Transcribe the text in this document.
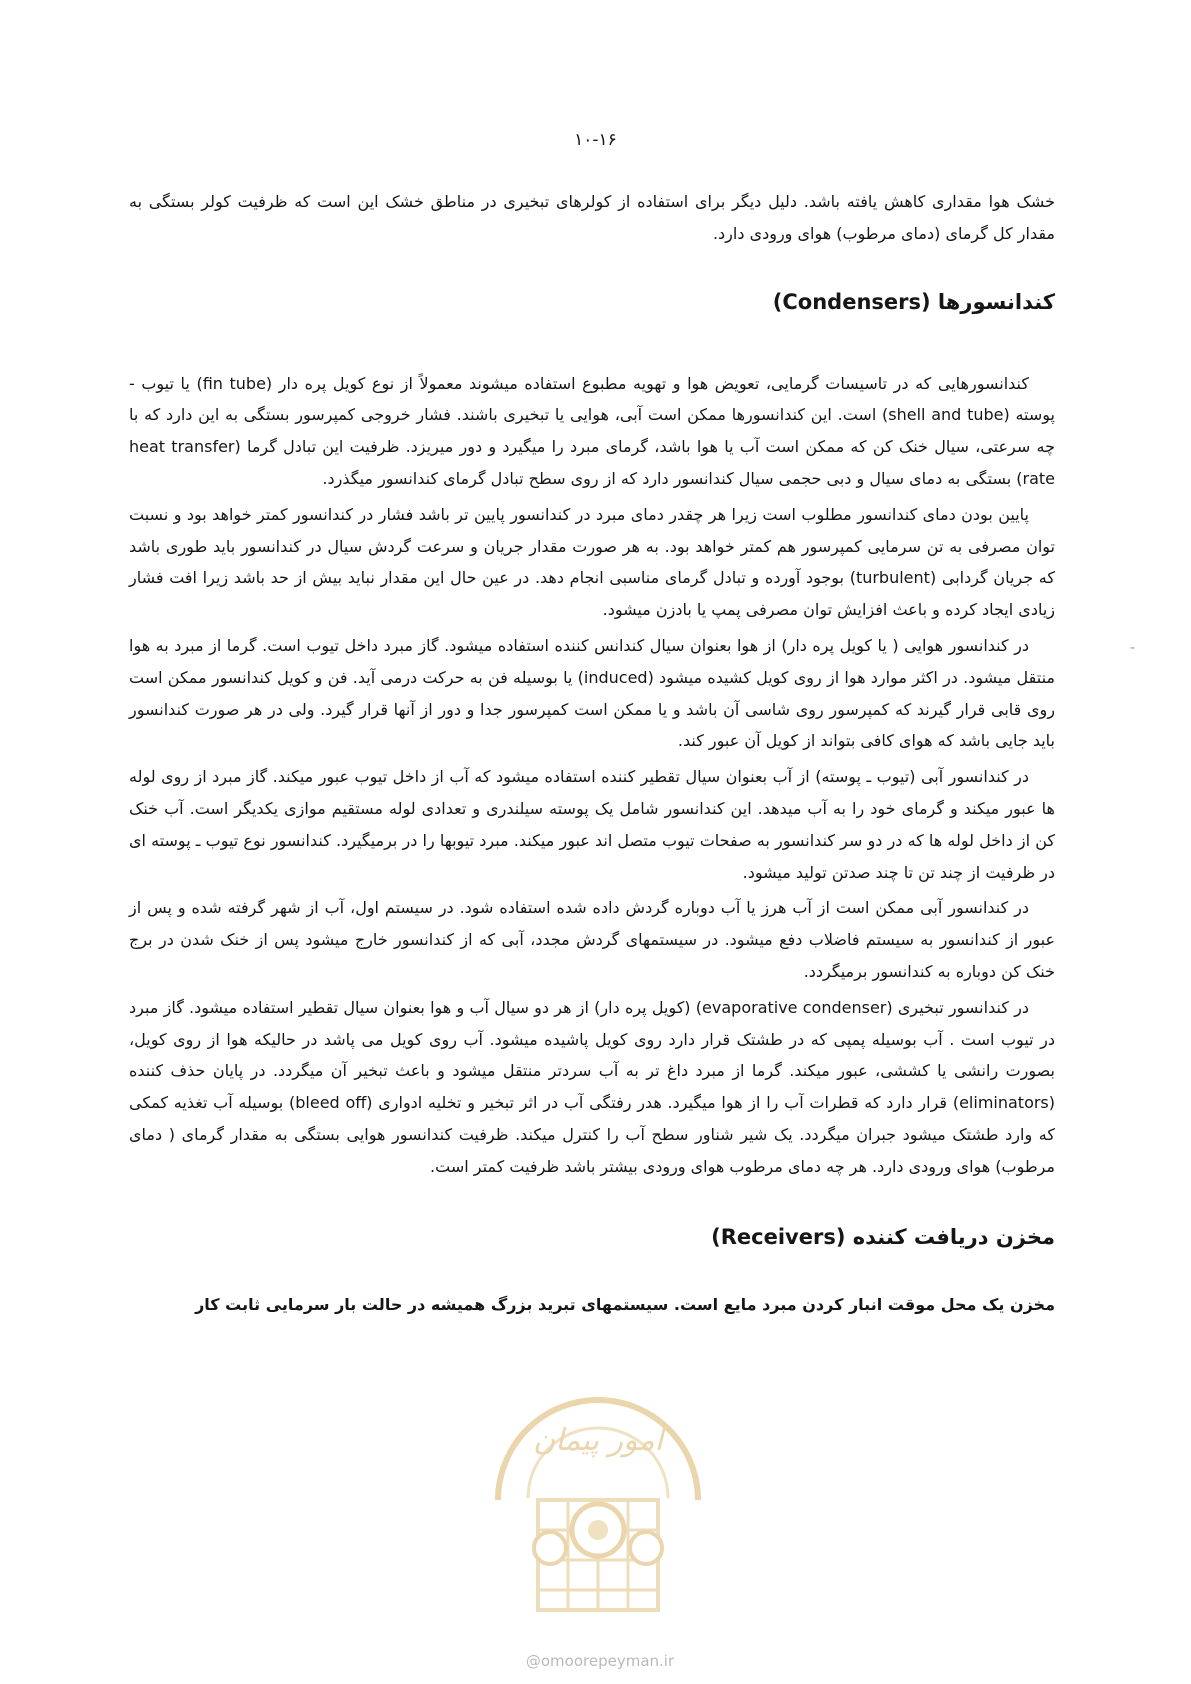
۱۰-۱۶

خشک هوا مقداری کاهش یافته باشد. دلیل دیگر برای استفاده از کولرهای تبخیری در مناطق خشک این است که ظرفیت کولر بستگی به مقدار کل گرمای (دمای مرطوب) هوای ورودی دارد.

کندانسورها (Condensers)

کندانسورهایی که در تاسیسات گرمایی، تعویض هوا و تهویه مطبوع استفاده میشوند معمولاً از نوع کویل پره دار (fin tube) یا تیوب - پوسته (shell and tube) است. این کندانسورها ممکن است آبی، هوایی یا تبخیری باشند. فشار خروجی کمپرسور بستگی به این دارد که با چه سرعتی، سیال خنک کن که ممکن است آب یا هوا باشد، گرمای مبرد را میگیرد و دور میریزد. ظرفیت این تبادل گرما (heat transfer rate) بستگی به دمای سیال و دبی حجمی سیال کندانسور دارد که از روی سطح تبادل گرمای کندانسور میگذرد.

پایین بودن دمای کندانسور مطلوب است زیرا هر چقدر دمای مبرد در کندانسور پایین تر باشد فشار در کندانسور کمتر خواهد بود و نسبت توان مصرفی به تن سرمایی کمپرسور هم کمتر خواهد بود. به هر صورت مقدار جریان و سرعت گردش سیال در کندانسور باید طوری باشد که جریان گردابی (turbulent) بوجود آورده و تبادل گرمای مناسبی انجام دهد. در عین حال این مقدار نباید بیش از حد باشد زیرا افت فشار زیادی ایجاد کرده و باعث افزایش توان مصرفی پمپ یا بادزن میشود.

در کندانسور هوایی ( یا کویل پره دار) از هوا بعنوان سیال کندانس کننده استفاده میشود. گاز مبرد داخل تیوب است. گرما از مبرد به هوا منتقل میشود. در اکثر موارد هوا از روی کویل کشیده میشود (induced) یا بوسیله فن به حرکت درمی آید. فن و کویل کندانسور ممکن است روی قابی قرار گیرند که کمپرسور روی شاسی آن باشد و یا ممکن است کمپرسور جدا و دور از آنها قرار گیرد. ولی در هر صورت کندانسور باید جایی باشد که هوای کافی بتواند از کویل آن عبور کند.

در کندانسور آبی (تیوب ـ پوسته) از آب بعنوان سیال تقطیر کننده استفاده میشود که آب از داخل تیوب عبور میکند. گاز مبرد از روی لوله ها عبور میکند و گرمای خود را به آب میدهد. این کندانسور شامل یک پوسته سیلندری و تعدادی لوله مستقیم موازی یکدیگر است. آب خنک کن از داخل لوله ها که در دو سر کندانسور به صفحات تیوب متصل اند عبور میکند. مبرد تیوبها را در برمیگیرد. کندانسور نوع تیوب ـ پوسته ای در ظرفیت از چند تن تا چند صدتن تولید میشود.

در کندانسور آبی ممکن است از آب هرز یا آب دوباره گردش داده شده استفاده شود. در سیستم اول، آب از شهر گرفته شده و پس از عبور از کندانسور به سیستم فاضلاب دفع میشود. در سیستمهای گردش مجدد، آبی که از کندانسور خارج میشود پس از خنک شدن در برج خنک کن دوباره به کندانسور برمیگردد.

در کندانسور تبخیری (evaporative condenser) (کویل پره دار) از هر دو سیال آب و هوا بعنوان سیال تقطیر استفاده میشود. گاز مبرد در تیوب است . آب بوسیله پمپی که در طشتک قرار دارد روی کویل پاشیده میشود. آب روی کویل می پاشد در حالیکه هوا از روی کویل، بصورت رانشی یا کششی، عبور میکند. گرما از مبرد داغ تر به آب سردتر منتقل میشود و باعث تبخیر آن میگردد. در پایان حذف کننده (eliminators) قرار دارد که قطرات آب را از هوا میگیرد. هدر رفتگی آب در اثر تبخیر و تخلیه ادواری (bleed off) بوسیله آب تغذیه کمکی که وارد طشتک میشود جبران میگردد. یک شیر شناور سطح آب را کنترل میکند. ظرفیت کندانسور هوایی بستگی به مقدار گرمای ( دمای مرطوب) هوای ورودی دارد. هر چه دمای مرطوب هوای ورودی بیشتر باشد ظرفیت کمتر است.

مخزن دریافت کننده (Receivers)

مخزن یک محل موقت انبار کردن مبرد مایع است. سیستمهای تبرید بزرگ همیشه در حالت بار سرمایی ثابت کار

-
امور پیمان
@omoorepeyman.ir
